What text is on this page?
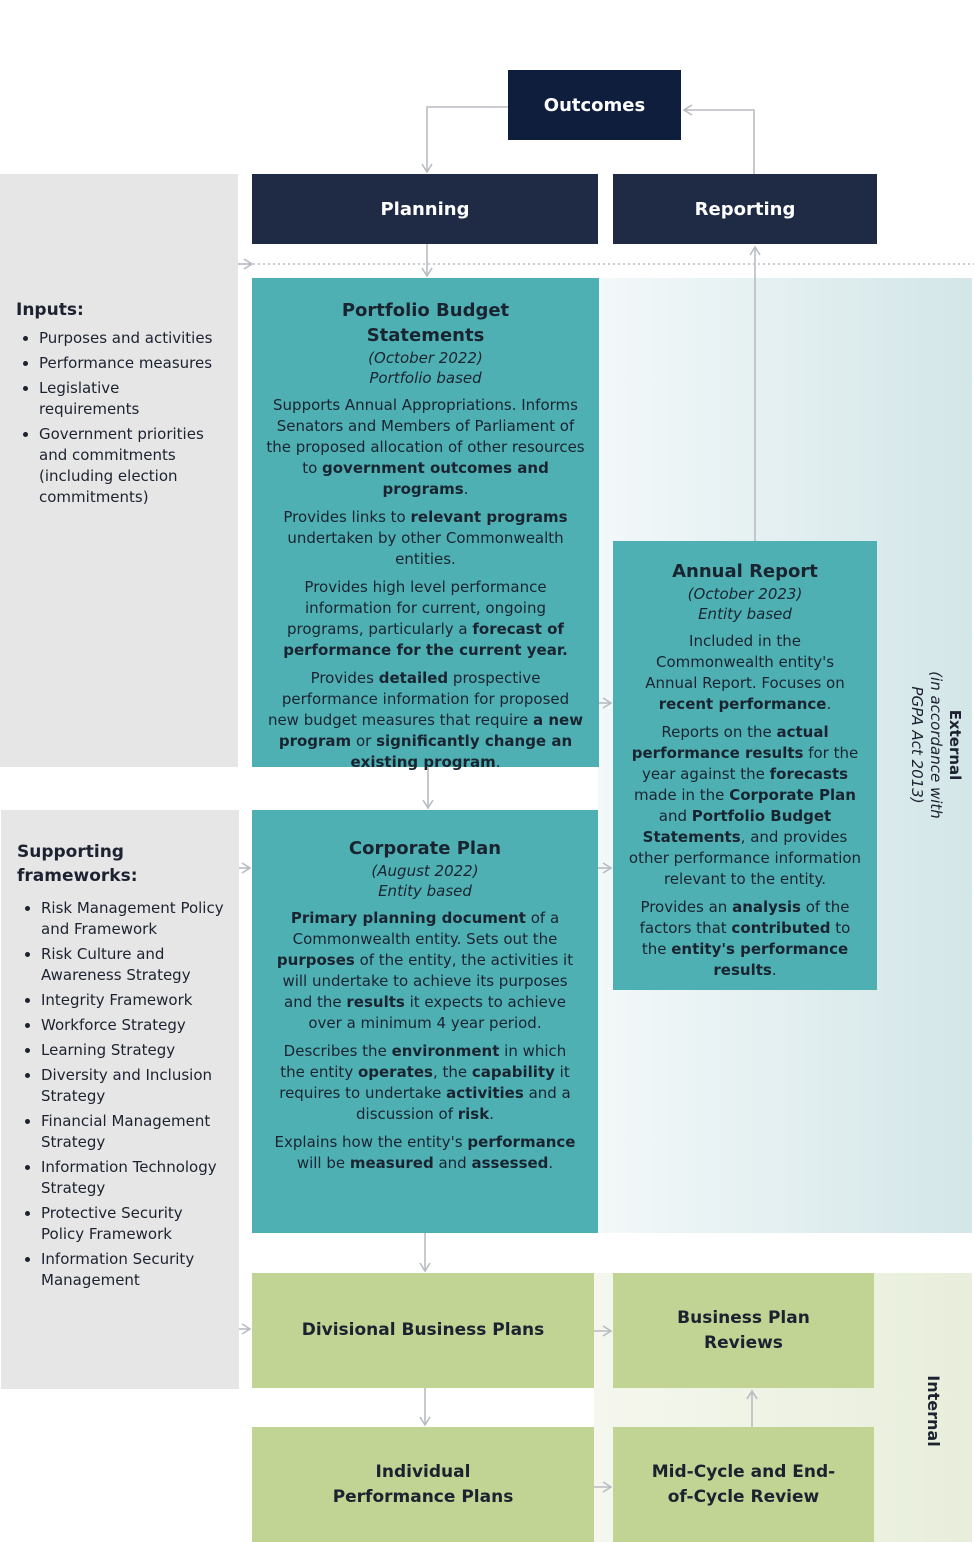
Inputs:
• Purposes and activities
• Performance measures
• Legislative requirements
• Government priorities and commitments (including election commitments)
Supporting frameworks:
• Risk Management Policy and Framework
• Risk Culture and Awareness Strategy
• Integrity Framework
• Workforce Strategy
• Learning Strategy
• Diversity and Inclusion Strategy
• Financial Management Strategy
• Information Technology Strategy
• Protective Security Policy Framework
• Information Security Management
Outcomes
Planning	Reporting
Portfolio Budget Statements
(October 2022)
Portfolio based
Supports Annual Appropriations. Informs Senators and Members of Parliament of the proposed allocation of other resources to government outcomes and programs.
Provides links to relevant programs undertaken by other Commonwealth entities.
Provides high level performance information for current, ongoing programs, particularly a forecast of performance for the current year.
Provides detailed prospective performance information for proposed new budget measures that require a new program or significantly change an existing program.
Annual Report
(October 2023)
Entity based
Included in the Commonwealth entity's Annual Report. Focuses on recent performance.
Reports on the actual performance results for the year against the forecasts made in the Corporate Plan and Portfolio Budget Statements, and provides other performance information relevant to the entity.
Provides an analysis of the factors that contributed to the entity's performance results.
Corporate Plan
(August 2022)
Entity based
Primary planning document of a Commonwealth entity. Sets out the purposes of the entity, the activities it will undertake to achieve its purposes and the results it expects to achieve over a minimum 4 year period.
Describes the environment in which the entity operates, the capability it requires to undertake activities and a discussion of risk.
Explains how the entity's performance will be measured and assessed.
Divisional Business Plans
Business Plan Reviews
Individual Performance Plans
Mid-Cycle and End-of-Cycle Review
External
(in accordance with
PGPA Act 2013)
Internal
